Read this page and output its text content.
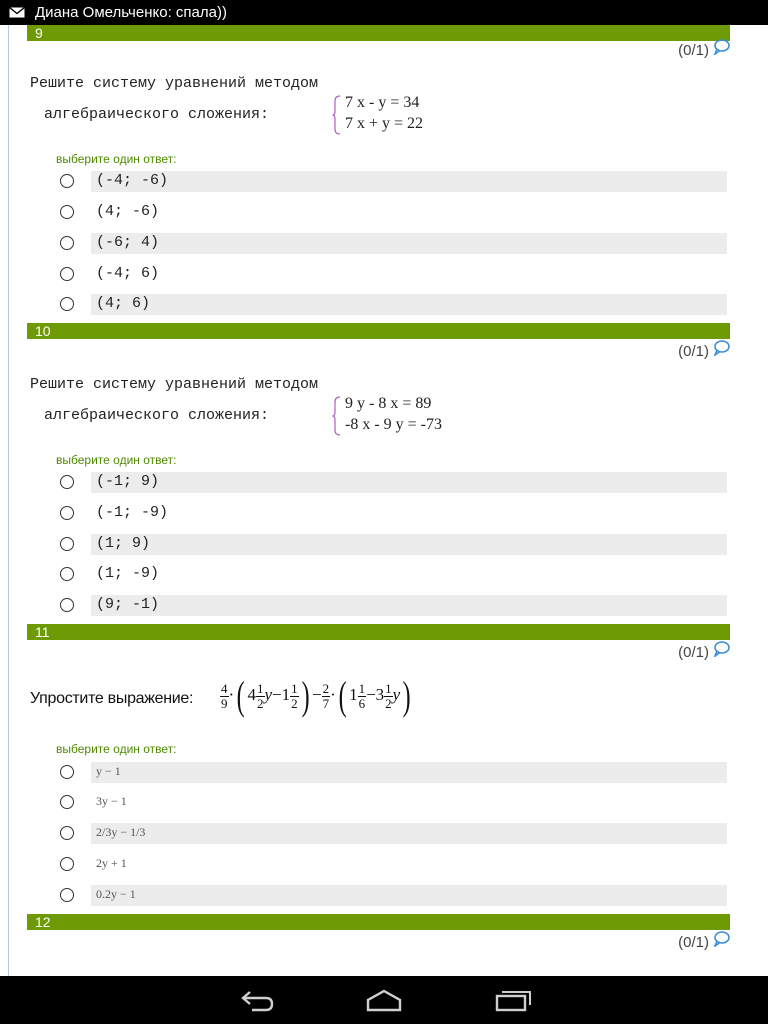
Диана Омельченко: спала))
9
(0/1)
Решите систему уравнений методом
алгебраического сложения:
7 x - y = 34
7 x + y = 22
выберите один ответ:
(-4; -6)
(4; -6)
(-6; 4)
(-4; 6)
(4; 6)
10
(0/1)
Решите систему уравнений методом
алгебраического сложения:
9 y - 8 x = 89
-8 x - 9 y = -73
выберите один ответ:
(-1; 9)
(-1; -9)
(1; 9)
(1; -9)
(9; -1)
11
(0/1)
Упростите выражение: $\frac{4}{9}$ ·( $4 \frac{1}{2} y-1 \frac{1}{2}$ ) − $\frac{2}{7}$ ·( $1 \frac{1}{6} -3 \frac{1}{2} y$)
выберите один ответ:
y − 1
3y − 1
2/3y − 1/3
2y + 1
0.2y − 1
12
(0/1)
